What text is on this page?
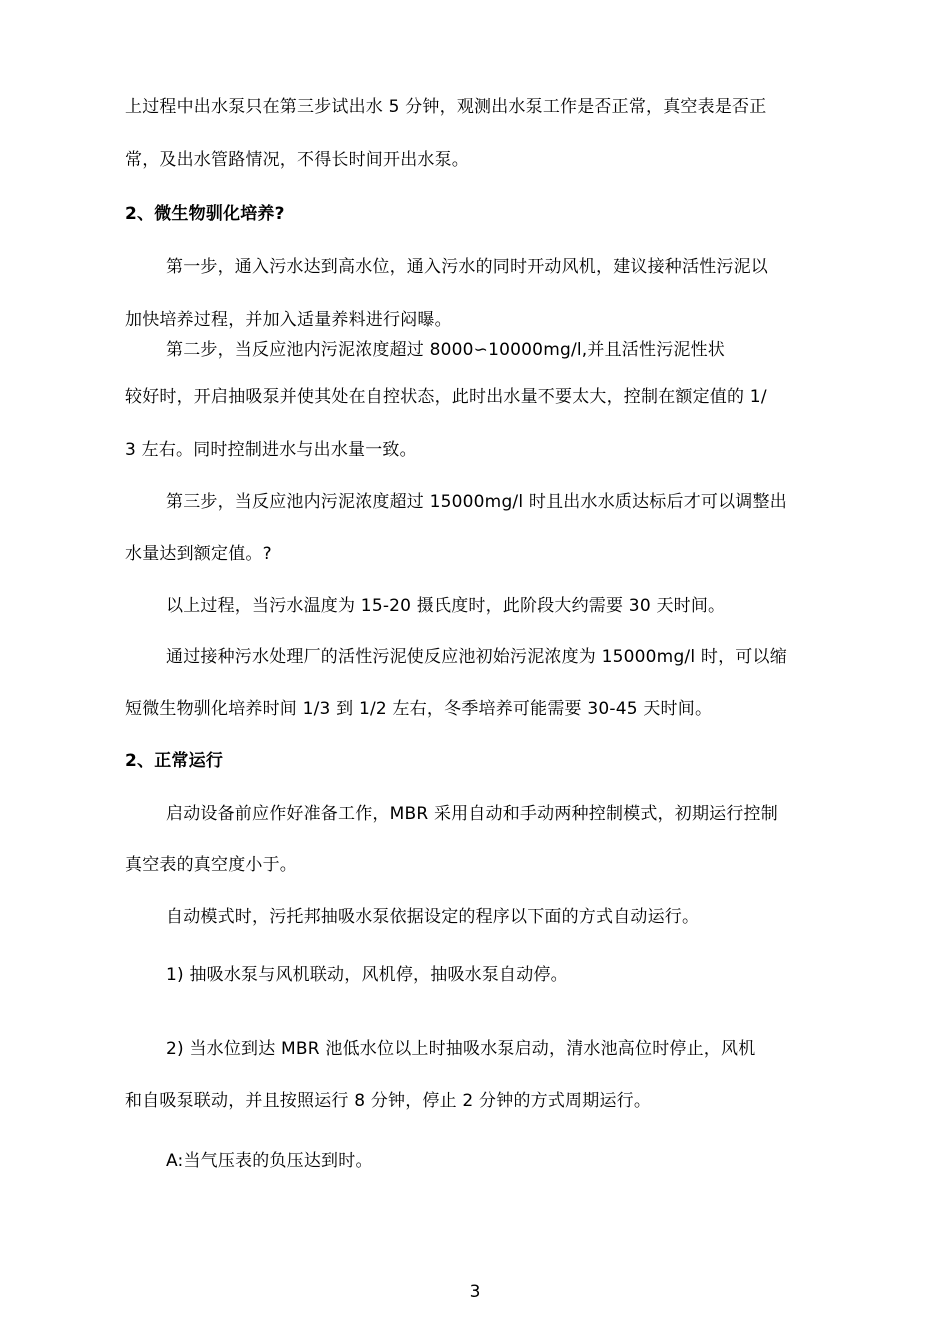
上过程中出水泵只在第三步试出水 5 分钟，观测出水泵工作是否正常，真空表是否正
常，及出水管路情况，不得长时间开出水泵。
2、微生物驯化培养?
第一步，通入污水达到高水位，通入污水的同时开动风机，建议接种活性污泥以
加快培养过程，并加入适量养料进行闷曝。
第二步，当反应池内污泥浓度超过 8000∽10000mg/l,并且活性污泥性状
较好时，开启抽吸泵并使其处在自控状态，此时出水量不要太大，控制在额定值的 1/
3 左右。同时控制进水与出水量一致。
第三步，当反应池内污泥浓度超过 15000mg/l 时且出水水质达标后才可以调整出
水量达到额定值。?
以上过程，当污水温度为 15-20 摄氏度时，此阶段大约需要 30 天时间。
通过接种污水处理厂的活性污泥使反应池初始污泥浓度为 15000mg/l 时，可以缩
短微生物驯化培养时间 1/3 到 1/2 左右，冬季培养可能需要 30-45 天时间。
2、正常运行
启动设备前应作好准备工作，MBR 采用自动和手动两种控制模式，初期运行控制
真空表的真空度小于。
自动模式时，污托邦抽吸水泵依据设定的程序以下面的方式自动运行。
1) 抽吸水泵与风机联动，风机停，抽吸水泵自动停。
2) 当水位到达 MBR 池低水位以上时抽吸水泵启动，清水池高位时停止，风机
和自吸泵联动，并且按照运行 8 分钟，停止 2 分钟的方式周期运行。
A:当气压表的负压达到时。
3
